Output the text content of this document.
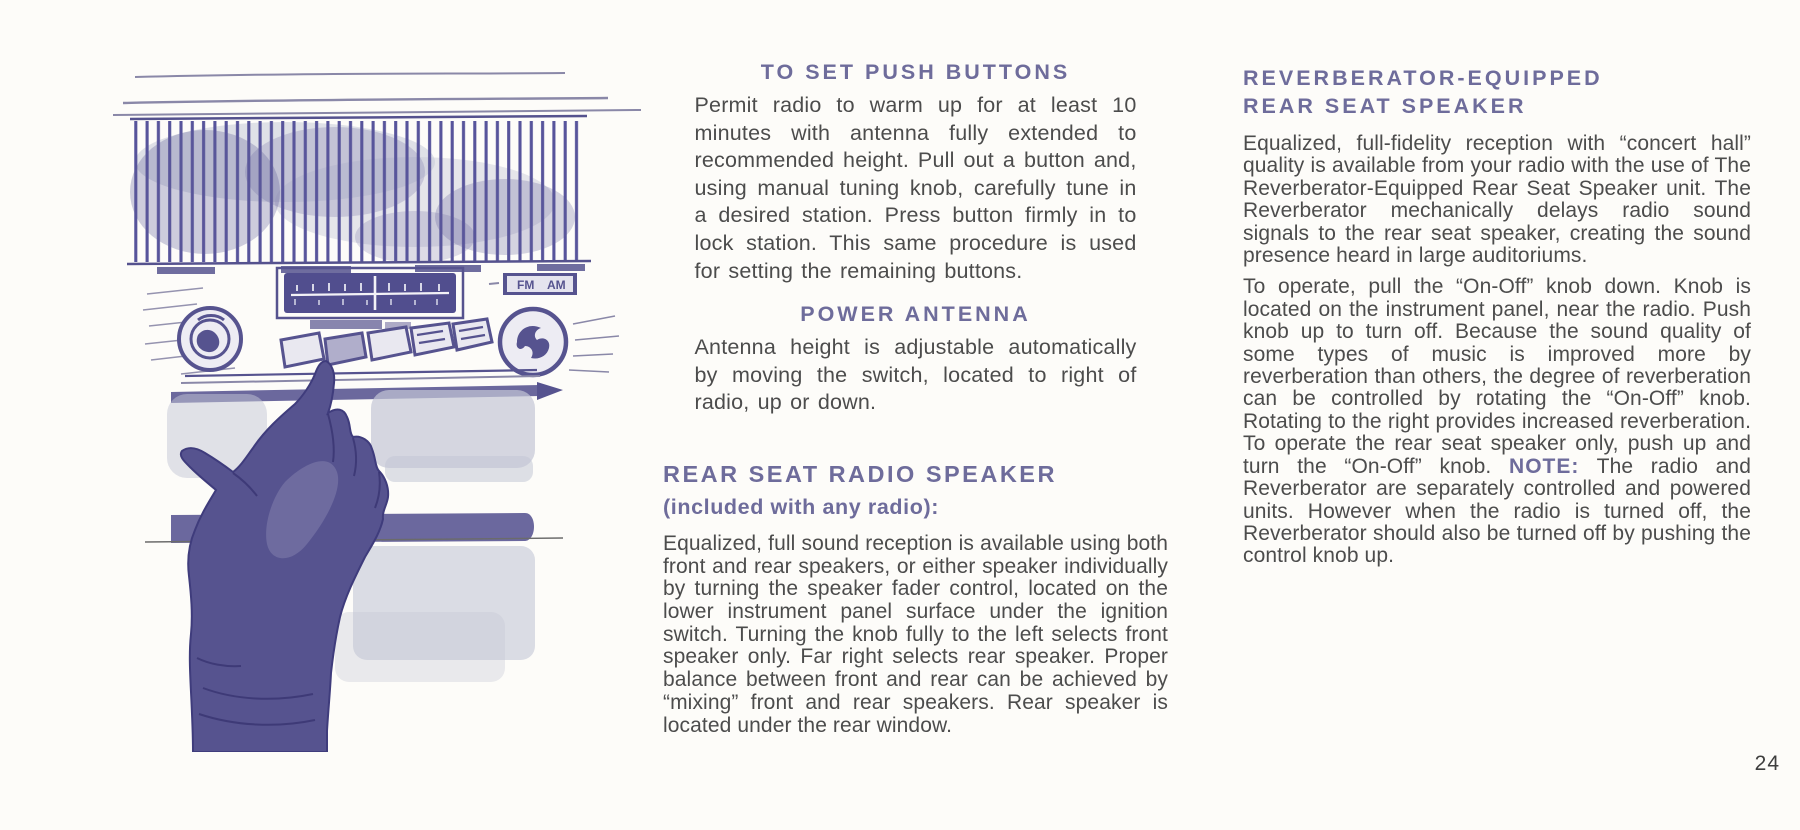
FM AM
TO SET PUSH BUTTONS

Permit radio to warm up for at least 10 minutes with antenna fully extended to recommended height. Pull out a button and, using manual tuning knob, carefully tune in a desired station. Press button firmly in to lock station. This same procedure is used for setting the remaining buttons.

POWER ANTENNA

Antenna height is adjustable automatically by moving the switch, located to right of radio, up or down.

REAR SEAT RADIO SPEAKER
(included with any radio):

Equalized, full sound reception is available using both front and rear speakers, or either speaker individually by turning the speaker fader control, located on the lower instrument panel surface under the ignition switch. Turning the knob fully to the left selects front speaker only. Far right selects rear speaker. Proper balance between front and rear can be achieved by “mixing” front and rear speakers. Rear speaker is located under the rear window.

REVERBERATOR-EQUIPPED
REAR SEAT SPEAKER

Equalized, full-fidelity reception with “concert hall” quality is available from your radio with the use of The Reverberator-Equipped Rear Seat Speaker unit. The Reverberator mechanically delays radio sound signals to the rear seat speaker, creating the sound presence heard in large auditoriums.

To operate, pull the “On-Off” knob down. Knob is located on the instrument panel, near the radio. Push knob up to turn off. Because the sound quality of some types of music is improved more by reverberation than others, the degree of reverberation can be controlled by rotating the “On-Off” knob. Rotating to the right provides increased reverberation. To operate the rear seat speaker only, push up and turn the “On-Off” knob. NOTE: The radio and Reverberator are separately controlled and powered units. However when the radio is turned off, the Reverberator should also be turned off by pushing the control knob up.

24
